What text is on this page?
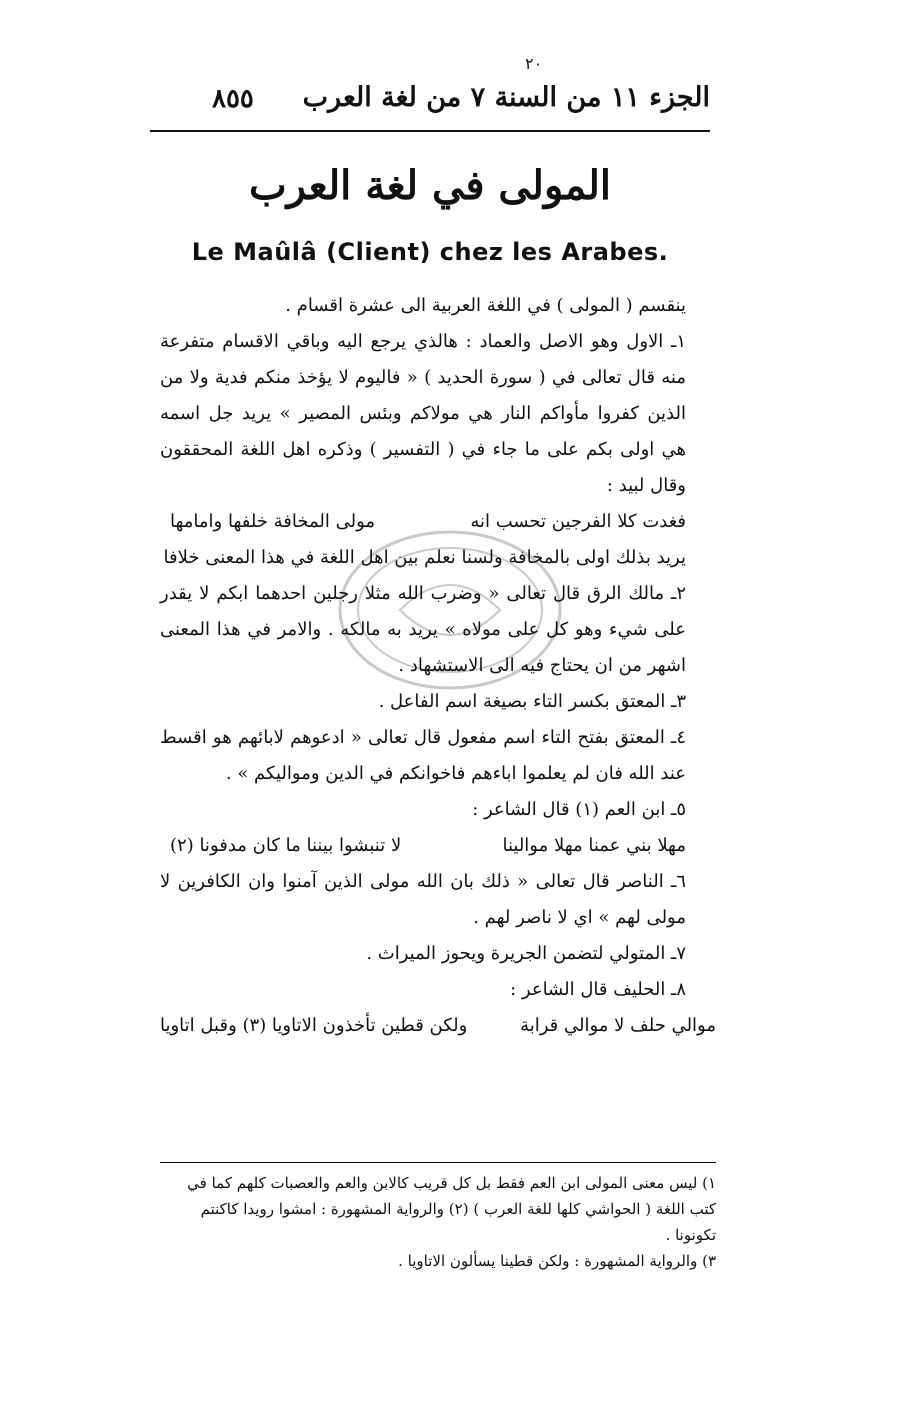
٨٥٥
٢٠
الجزء ١١ من السنة ٧ من لغة العرب
المولى في لغة العرب
Le Maûlâ (Client) chez les Arabes.

ينقسم ( المولى ) في اللغة العربية الى عشرة اقسام .

١ـ الاول وهو الاصل والعماد : هالذي يرجع اليه وباقي الاقسام متفرعة منه قال تعالى في ( سورة الحديد ) « فاليوم لا يؤخذ منكم فدية ولا من الذين كفروا مأواكم النار هي مولاكم وبئس المصير » يريد جل اسمه هي اولى بكم على ما جاء في ( التفسير ) وذكره اهل اللغة المحققون وقال لبيد :

فغدت كلا الفرجين تحسب انه
مولى المخافة خلفها وامامها

يريد بذلك اولى بالمخافة ولسنا نعلم بين اهل اللغة في هذا المعنى خلافا

٢ـ مالك الرق قال تعالى « وضرب الله مثلا رجلين احدهما ابكم لا يقدر على شيء وهو كل على مولاه » يريد به مالكه . والامر في هذا المعنى اشهر من ان يحتاج فيه الى الاستشهاد .

٣ـ المعتق بكسر التاء بصيغة اسم الفاعل .

٤ـ المعتق بفتح التاء اسم مفعول قال تعالى « ادعوهم لابائهم هو اقسط عند الله فان لم يعلموا اباءهم فاخوانكم في الدين ومواليكم » .

٥ـ ابن العم (١) قال الشاعر :

مهلا بني عمنا مهلا موالينا
لا تنبشوا بيننا ما كان مدفونا (٢)

٦ـ الناصر قال تعالى « ذلك بان الله مولى الذين آمنوا وان الكافرين لا مولى لهم » اي لا ناصر لهم .

٧ـ المتولي لتضمن الجريرة ويحوز الميراث .

٨ـ الحليف قال الشاعر :

موالي حلف لا موالي قرابة
ولكن قطين تأخذون الاتاويا (٣) وقبل اتاويا

١) ليس معنى المولى ابن العم فقط بل كل قريب كالابن والعم والعصبات كلهم كما في كتب اللغة ( الحواشي كلها للغة العرب ) (٢) والرواية المشهورة : امشوا رويدا كاكنتم تكونونا .

٣) والرواية المشهورة : ولكن قطينا يسألون الاتاويا .
